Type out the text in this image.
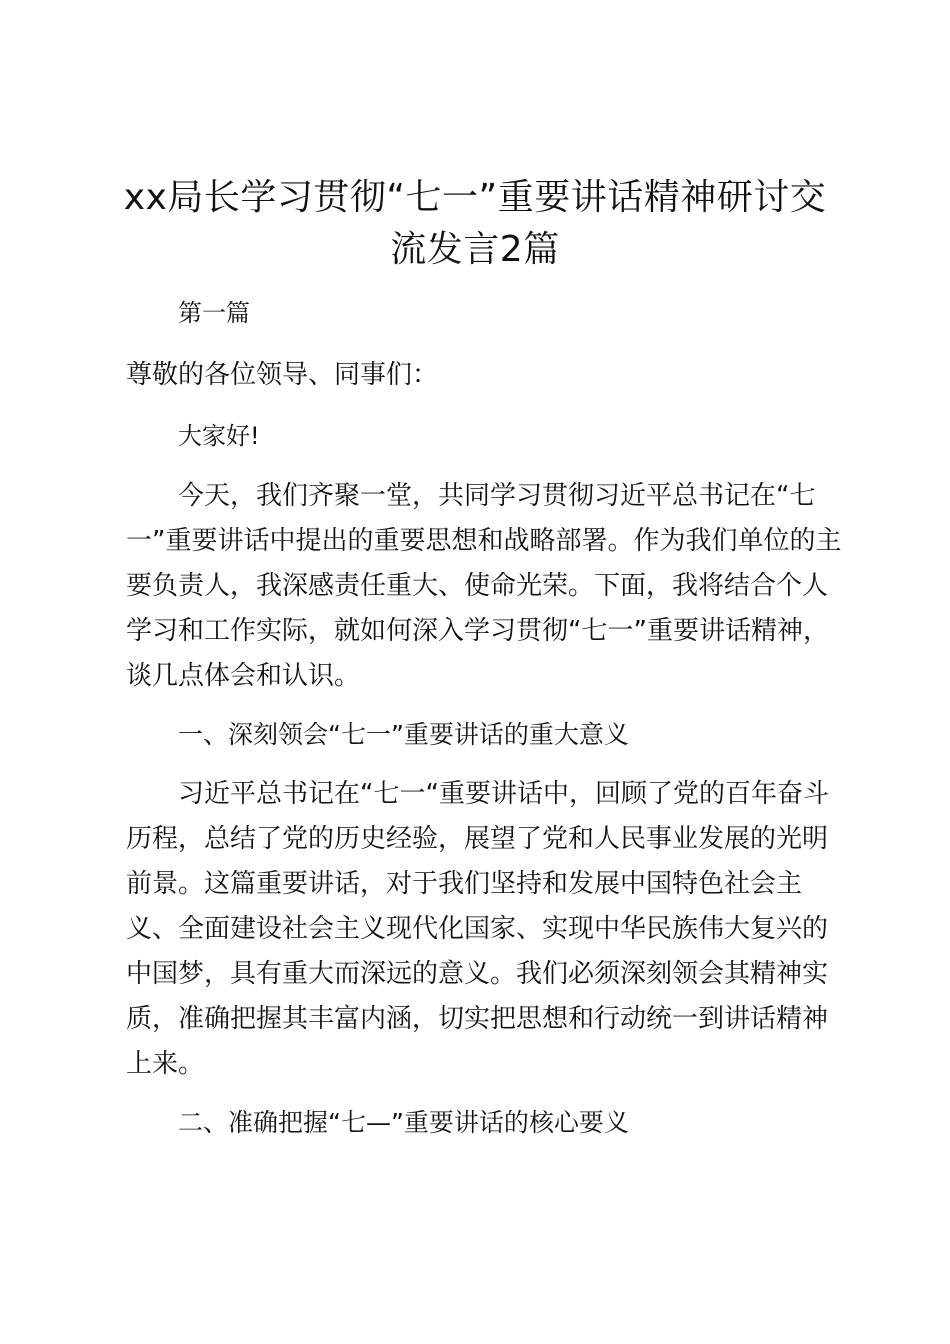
xx局长学习贯彻“七一”重要讲话精神研讨交
流发言2篇
第一篇
尊敬的各位领导、同事们：
大家好!
今天，我们齐聚一堂，共同学习贯彻习近平总书记在“七
一”重要讲话中提出的重要思想和战略部署。作为我们单位的主
要负责人，我深感责任重大、使命光荣。下面，我将结合个人
学习和工作实际，就如何深入学习贯彻“七一”重要讲话精神，
谈几点体会和认识。
一、深刻领会“七一”重要讲话的重大意义
习近平总书记在“七一“重要讲话中，回顾了党的百年奋斗
历程，总结了党的历史经验，展望了党和人民事业发展的光明
前景。这篇重要讲话，对于我们坚持和发展中国特色社会主
义、全面建设社会主义现代化国家、实现中华民族伟大复兴的
中国梦，具有重大而深远的意义。我们必须深刻领会其精神实
质，准确把握其丰富内涵，切实把思想和行动统一到讲话精神
上来。
二、准确把握“七—”重要讲话的核心要义
